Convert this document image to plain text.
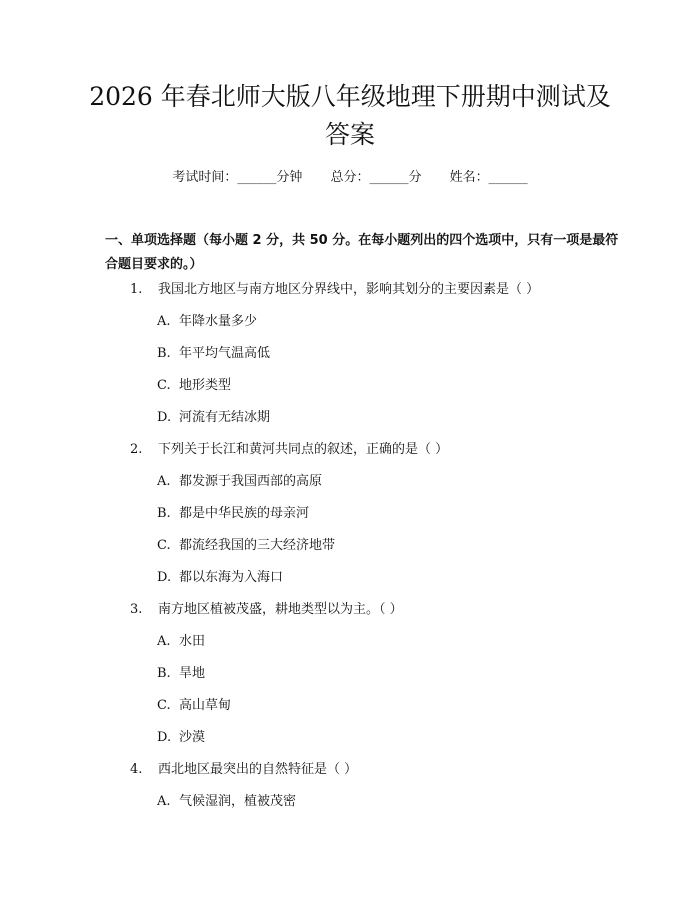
2026 年春北师大版八年级地理下册期中测试及答案
考试时间：______分钟 总分：______分 姓名：______

一、单项选择题（每小题 2 分，共 50 分。在每小题列出的四个选项中，只有一项是最符合题目要求的。）

1. 我国北方地区与南方地区分界线中，影响其划分的主要因素是（ ）
A. 年降水量多少
B. 年平均气温高低
C. 地形类型
D. 河流有无结冰期
2. 下列关于长江和黄河共同点的叙述，正确的是（ ）
A. 都发源于我国西部的高原
B. 都是中华民族的母亲河
C. 都流经我国的三大经济地带
D. 都以东海为入海口
3. 南方地区植被茂盛，耕地类型以为主。（ ）
A. 水田
B. 旱地
C. 高山草甸
D. 沙漠
4. 西北地区最突出的自然特征是（ ）
A. 气候湿润，植被茂密
